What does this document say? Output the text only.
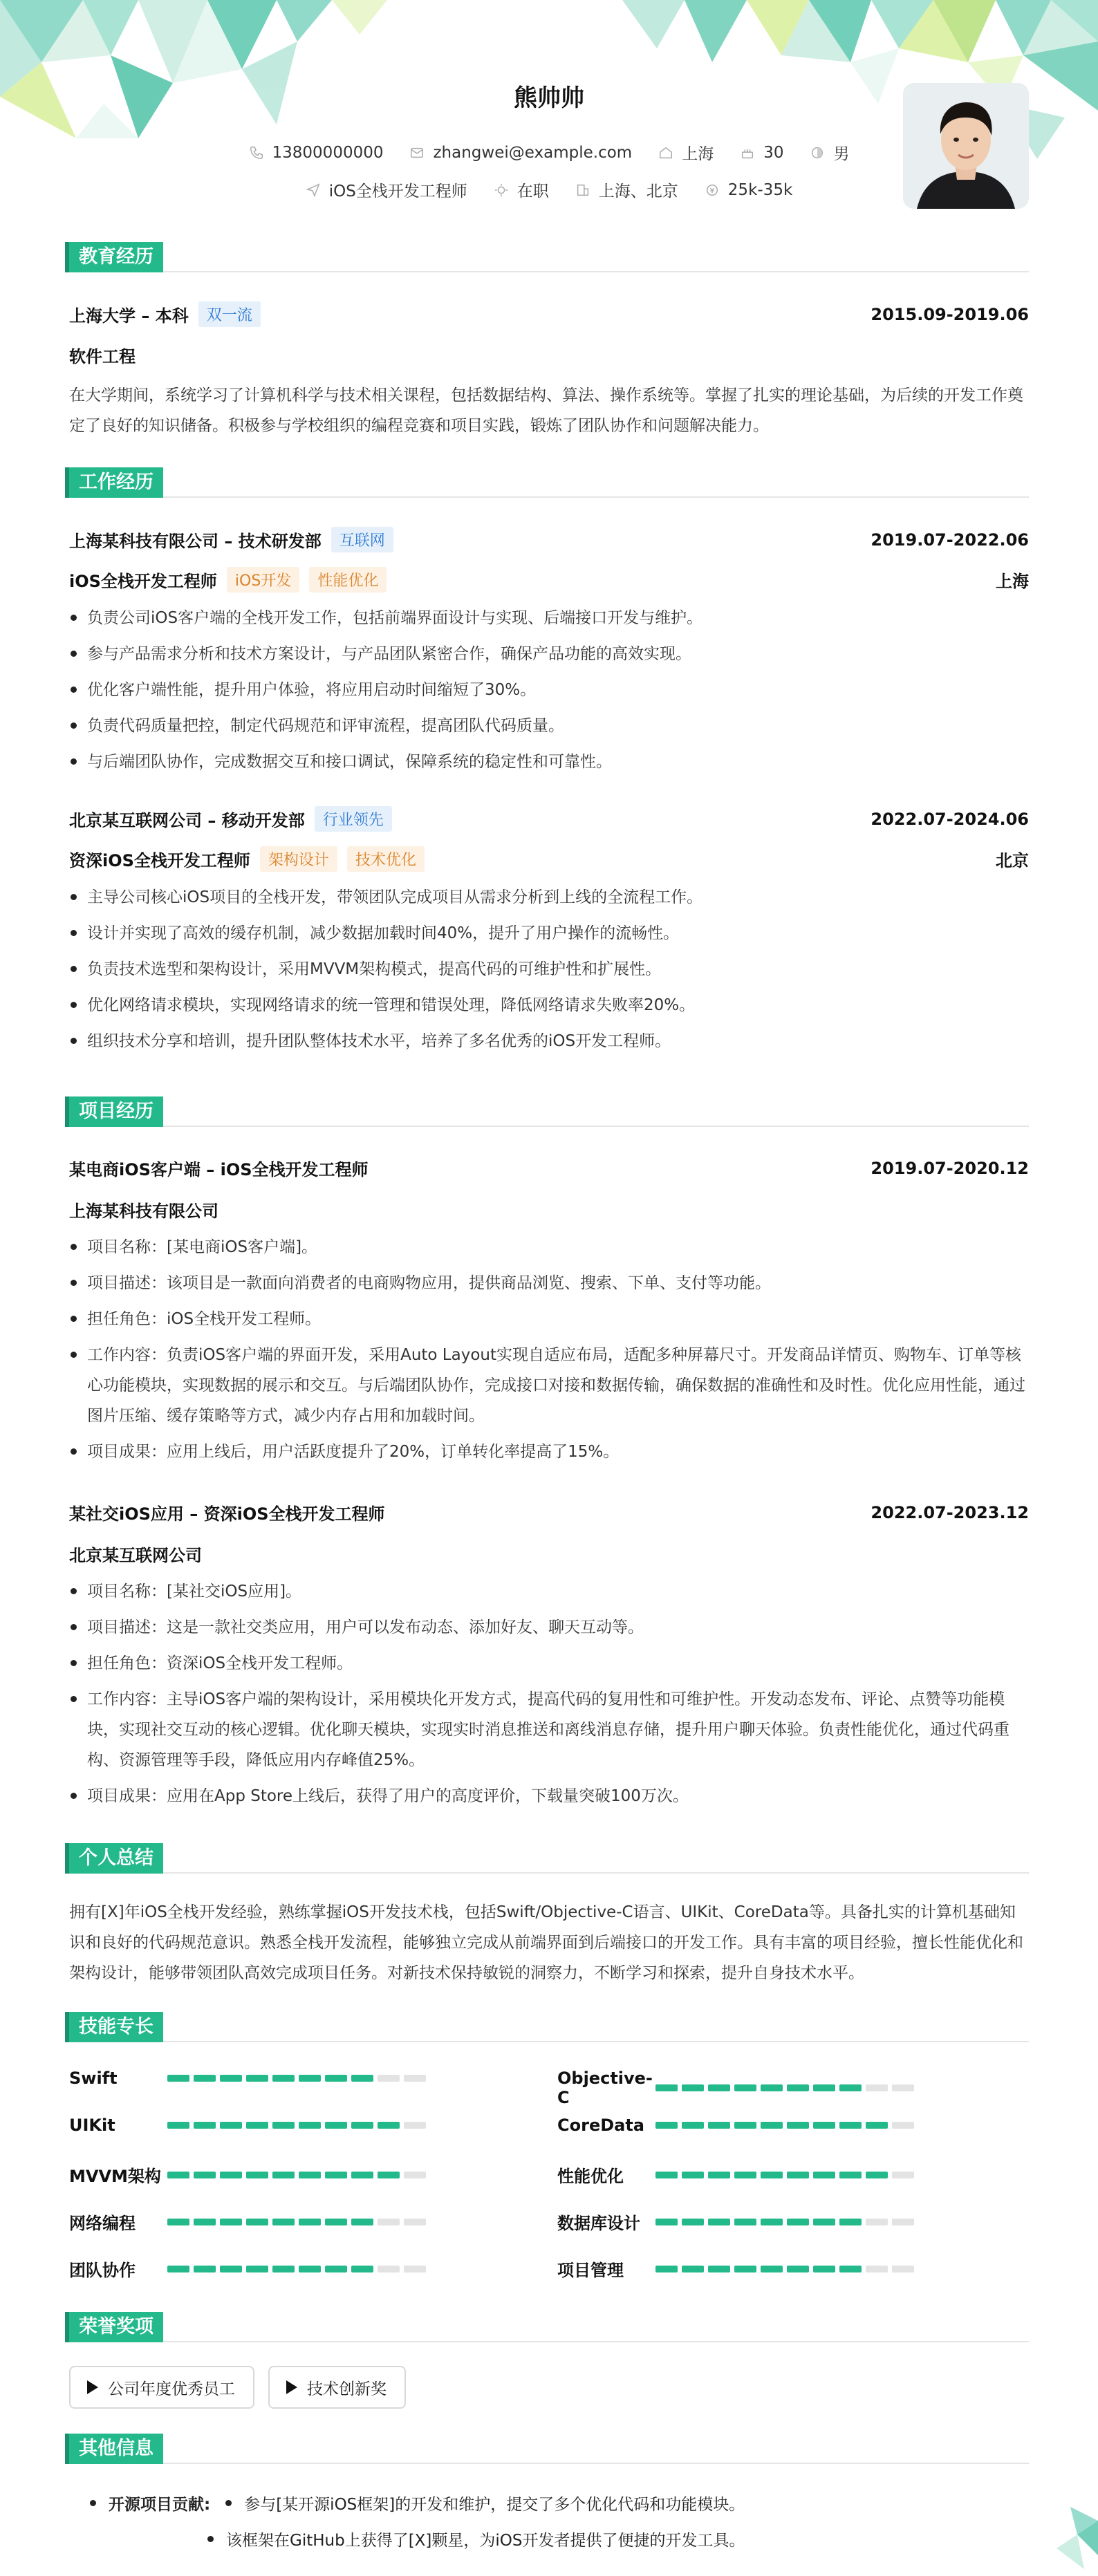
熊帅帅
13800000000	zhangwei@example.com	上海	30	男
iOS全栈开发工程师	在职	上海、北京	25k-35k
教育经历
上海大学 – 本科	双一流	2015.09-2019.06
软件工程
在大学期间，系统学习了计算机科学与技术相关课程，包括数据结构、算法、操作系统等。掌握了扎实的理论基础，为后续的开发工作奠定了良好的知识储备。积极参与学校组织的编程竞赛和项目实践，锻炼了团队协作和问题解决能力。
工作经历
上海某科技有限公司 – 技术研发部	互联网	2019.07-2022.06
iOS全栈开发工程师	iOS开发	性能优化	上海
负责公司iOS客户端的全栈开发工作，包括前端界面设计与实现、后端接口开发与维护。
参与产品需求分析和技术方案设计，与产品团队紧密合作，确保产品功能的高效实现。
优化客户端性能，提升用户体验，将应用启动时间缩短了30%。
负责代码质量把控，制定代码规范和评审流程，提高团队代码质量。
与后端团队协作，完成数据交互和接口调试，保障系统的稳定性和可靠性。
北京某互联网公司 – 移动开发部	行业领先	2022.07-2024.06
资深iOS全栈开发工程师	架构设计	技术优化	北京
主导公司核心iOS项目的全栈开发，带领团队完成项目从需求分析到上线的全流程工作。
设计并实现了高效的缓存机制，减少数据加载时间40%，提升了用户操作的流畅性。
负责技术选型和架构设计，采用MVVM架构模式，提高代码的可维护性和扩展性。
优化网络请求模块，实现网络请求的统一管理和错误处理，降低网络请求失败率20%。
组织技术分享和培训，提升团队整体技术水平，培养了多名优秀的iOS开发工程师。
项目经历
某电商iOS客户端 – iOS全栈开发工程师	2019.07-2020.12
上海某科技有限公司
项目名称：[某电商iOS客户端]。
项目描述：该项目是一款面向消费者的电商购物应用，提供商品浏览、搜索、下单、支付等功能。
担任角色：iOS全栈开发工程师。
工作内容：负责iOS客户端的界面开发，采用Auto Layout实现自适应布局，适配多种屏幕尺寸。开发商品详情页、购物车、订单等核心功能模块，实现数据的展示和交互。与后端团队协作，完成接口对接和数据传输，确保数据的准确性和及时性。优化应用性能，通过图片压缩、缓存策略等方式，减少内存占用和加载时间。
项目成果：应用上线后，用户活跃度提升了20%，订单转化率提高了15%。
某社交iOS应用 – 资深iOS全栈开发工程师	2022.07-2023.12
北京某互联网公司
项目名称：[某社交iOS应用]。
项目描述：这是一款社交类应用，用户可以发布动态、添加好友、聊天互动等。
担任角色：资深iOS全栈开发工程师。
工作内容：主导iOS客户端的架构设计，采用模块化开发方式，提高代码的复用性和可维护性。开发动态发布、评论、点赞等功能模块，实现社交互动的核心逻辑。优化聊天模块，实现实时消息推送和离线消息存储，提升用户聊天体验。负责性能优化，通过代码重构、资源管理等手段，降低应用内存峰值25%。
项目成果：应用在App Store上线后，获得了用户的高度评价，下载量突破100万次。
个人总结
拥有[X]年iOS全栈开发经验，熟练掌握iOS开发技术栈，包括Swift/Objective-C语言、UIKit、CoreData等。具备扎实的计算机基础知识和良好的代码规范意识。熟悉全栈开发流程，能够独立完成从前端界面到后端接口的开发工作。具有丰富的项目经验，擅长性能优化和架构设计，能够带领团队高效完成项目任务。对新技术保持敏锐的洞察力，不断学习和探索，提升自身技术水平。
技能专长
Swift	Objective-C
UIKit	CoreData
MVVM架构	性能优化
网络编程	数据库设计
团队协作	项目管理
荣誉奖项
公司年度优秀员工	技术创新奖
其他信息
开源项目贡献: 参与[某开源iOS框架]的开发和维护，提交了多个优化代码和功能模块。
该框架在GitHub上获得了[X]颗星，为iOS开发者提供了便捷的开发工具。
